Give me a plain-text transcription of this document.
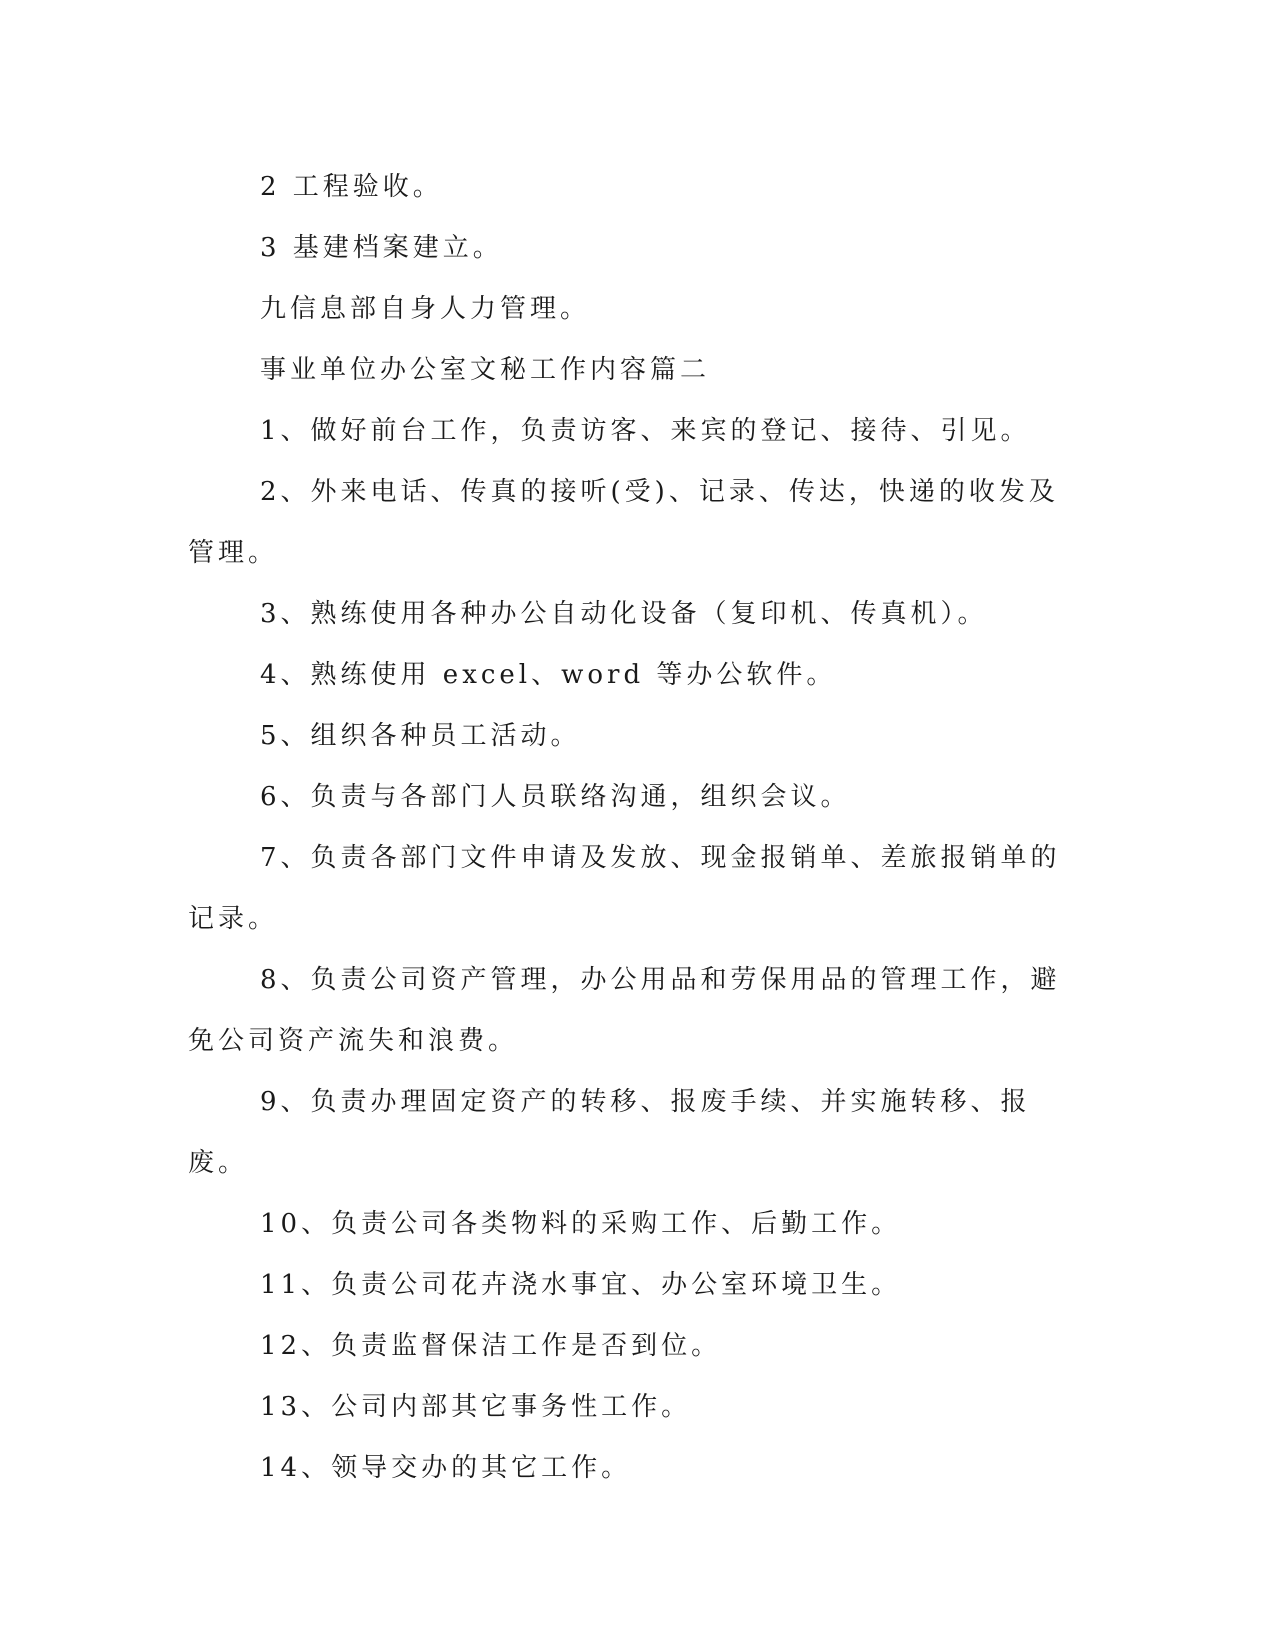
2 工程验收。

3 基建档案建立。

九信息部自身人力管理。

事业单位办公室文秘工作内容篇二

1、做好前台工作，负责访客、来宾的登记、接待、引见。

2、外来电话、传真的接听(受)、记录、传达，快递的收发及管理。

3、熟练使用各种办公自动化设备（复印机、传真机）。

4、熟练使用 excel、word 等办公软件。

5、组织各种员工活动。

6、负责与各部门人员联络沟通，组织会议。

7、负责各部门文件申请及发放、现金报销单、差旅报销单的记录。

8、负责公司资产管理，办公用品和劳保用品的管理工作，避免公司资产流失和浪费。

9、负责办理固定资产的转移、报废手续、并实施转移、报废。

10、负责公司各类物料的采购工作、后勤工作。

11、负责公司花卉浇水事宜、办公室环境卫生。

12、负责监督保洁工作是否到位。

13、公司内部其它事务性工作。

14、领导交办的其它工作。
